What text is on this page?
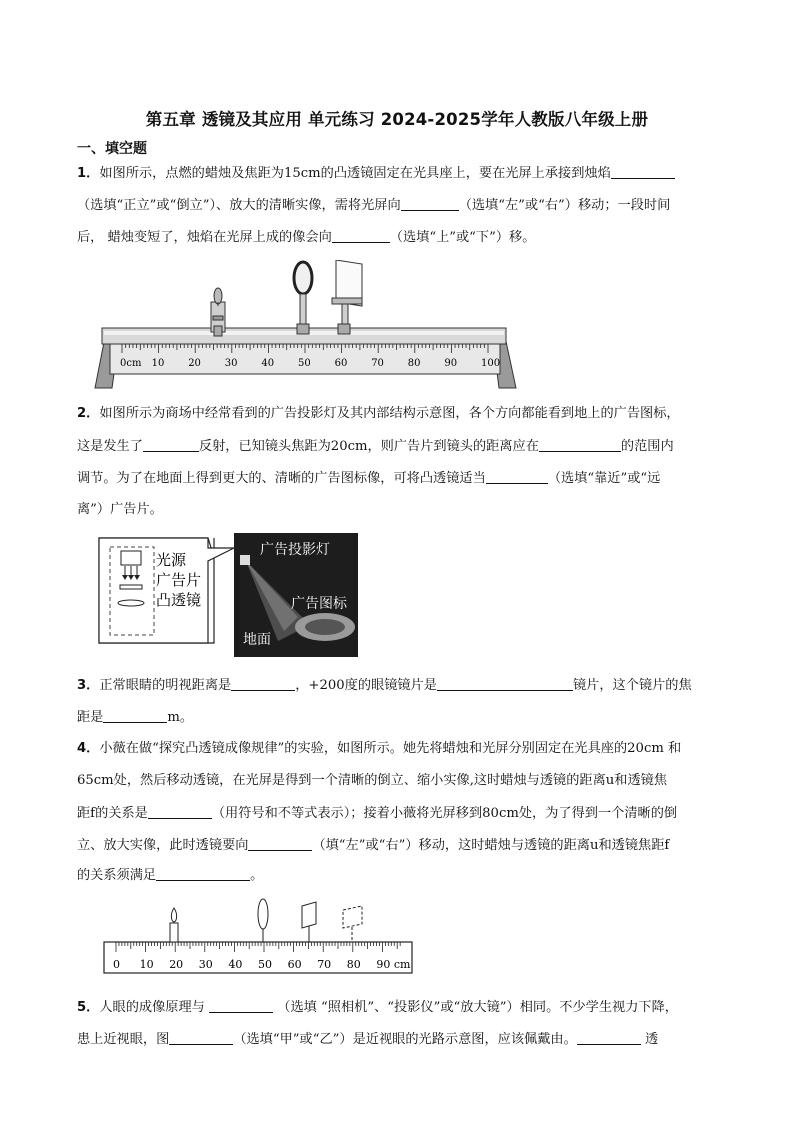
第五章 透镜及其应用 单元练习 2024-2025学年人教版八年级上册
一、填空题
1．如图所示，点燃的蜡烛及焦距为15cm的凸透镜固定在光具座上，要在光屏上承接到烛焰
（选填“正立”或“倒立”）、放大的清晰实像，需将光屏向	（选填“左”或“右”）移动；一段时间
后， 蜡烛变短了，烛焰在光屏上成的像会向	（选填“上”或“下”）移。
0cm 10 20 30 40 50 60 70 80 90 100
2．如图所示为商场中经常看到的广告投影灯及其内部结构示意图，各个方向都能看到地上的广告图标，
这是发生了	反射，已知镜头焦距为20cm，则广告片到镜头的距离应在	的范围内
调节。为了在地面上得到更大的、清晰的广告图标像，可将凸透镜适当	（选填“靠近”或“远
离”）广告片。
光源
广告片
凸透镜
广告投影灯
广告图标
地面
3．正常眼睛的明视距离是	，+200度的眼镜镜片是	镜片，这个镜片的焦
距是	m。
4．小薇在做“探究凸透镜成像规律”的实验，如图所示。她先将蜡烛和光屏分别固定在光具座的20cm 和
65cm处，然后移动透镜，在光屏是得到一个清晰的倒立、缩小实像,这时蜡烛与透镜的距离u和透镜焦
距f的关系是	（用符号和不等式表示）；接着小薇将光屏移到80cm处，为了得到一个清晰的倒
立、放大实像，此时透镜要向	（填“左”或“右”）移动，这时蜡烛与透镜的距离u和透镜焦距f
的关系须满足	。
0 10 20 30 40 50 60 70 80 90 cm
5．人眼的成像原理与	（选填 “照相机”、“投影仪”或“放大镜”）相同。不少学生视力下降，
患上近视眼，图	（选填“甲”或“乙”）是近视眼的光路示意图，应该佩戴由。	透
